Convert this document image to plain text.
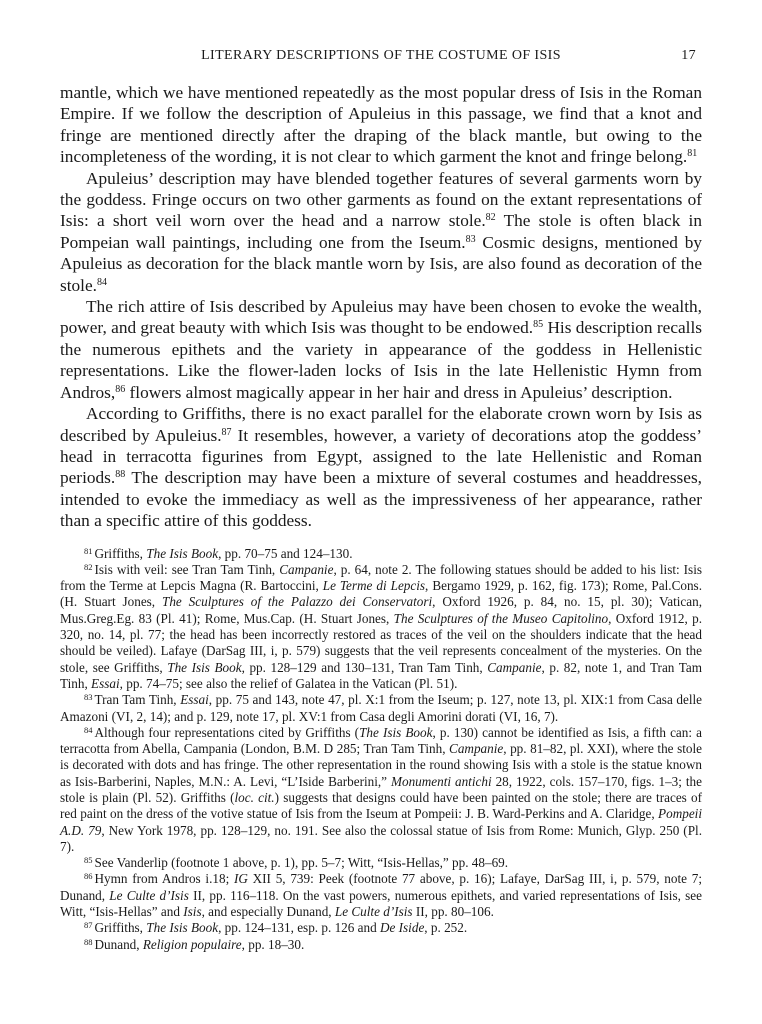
LITERARY DESCRIPTIONS OF THE COSTUME OF ISIS	17

mantle, which we have mentioned repeatedly as the most popular dress of Isis in the Roman Empire. If we follow the description of Apuleius in this passage, we find that a knot and fringe are mentioned directly after the draping of the black mantle, but owing to the incompleteness of the wording, it is not clear to which garment the knot and fringe belong.$^{81}$

Apuleius’ description may have blended together features of several garments worn by the goddess. Fringe occurs on two other garments as found on the extant representations of Isis: a short veil worn over the head and a narrow stole.$^{82}$ The stole is often black in Pompeian wall paintings, including one from the Iseum.$^{83}$ Cosmic designs, mentioned by Apuleius as decoration for the black mantle worn by Isis, are also found as decoration of the stole.$^{84}$

The rich attire of Isis described by Apuleius may have been chosen to evoke the wealth, power, and great beauty with which Isis was thought to be endowed.$^{85}$ His description recalls the numerous epithets and the variety in appearance of the goddess in Hellenistic representations. Like the flower-laden locks of Isis in the late Hellenistic Hymn from Andros,$^{86}$ flowers almost magically appear in her hair and dress in Apuleius’ description.

According to Griffiths, there is no exact parallel for the elaborate crown worn by Isis as described by Apuleius.$^{87}$ It resembles, however, a variety of decorations atop the goddess’ head in terracotta figurines from Egypt, assigned to the late Hellenistic and Roman periods.$^{88}$ The description may have been a mixture of several costumes and headdresses, intended to evoke the immediacy as well as the impressiveness of her appearance, rather than a specific attire of this goddess.

$^{81}$ Griffiths, The Isis Book, pp. 70–75 and 124–130.

$^{82}$ Isis with veil: see Tran Tam Tinh, Campanie, p. 64, note 2. The following statues should be added to his list: Isis from the Terme at Lepcis Magna (R. Bartoccini, Le Terme di Lepcis, Bergamo 1929, p. 162, fig. 173); Rome, Pal.Cons. (H. Stuart Jones, The Sculptures of the Palazzo dei Conservatori, Oxford 1926, p. 84, no. 15, pl. 30); Vatican, Mus.Greg.Eg. 83 (Pl. 41); Rome, Mus.Cap. (H. Stuart Jones, The Sculptures of the Museo Capitolino, Oxford 1912, p. 320, no. 14, pl. 77; the head has been incorrectly restored as traces of the veil on the shoulders indicate that the head should be veiled). Lafaye (DarSag III, i, p. 579) suggests that the veil represents concealment of the mysteries. On the stole, see Griffiths, The Isis Book, pp. 128–129 and 130–131, Tran Tam Tinh, Campanie, p. 82, note 1, and Tran Tam Tinh, Essai, pp. 74–75; see also the relief of Galatea in the Vatican (Pl. 51).

$^{83}$ Tran Tam Tinh, Essai, pp. 75 and 143, note 47, pl. X:1 from the Iseum; p. 127, note 13, pl. XIX:1 from Casa delle Amazoni (VI, 2, 14); and p. 129, note 17, pl. XV:1 from Casa degli Amorini dorati (VI, 16, 7).

$^{84}$ Although four representations cited by Griffiths (The Isis Book, p. 130) cannot be identified as Isis, a fifth can: a terracotta from Abella, Campania (London, B.M. D 285; Tran Tam Tinh, Campanie, pp. 81–82, pl. XXI), where the stole is decorated with dots and has fringe. The other representation in the round showing Isis with a stole is the statue known as Isis-Barberini, Naples, M.N.: A. Levi, “L’Iside Barberini,” Monumenti antichi 28, 1922, cols. 157–170, figs. 1–3; the stole is plain (Pl. 52). Griffiths (loc. cit.) suggests that designs could have been painted on the stole; there are traces of red paint on the dress of the votive statue of Isis from the Iseum at Pompeii: J. B. Ward-Perkins and A. Claridge, Pompeii A.D. 79, New York 1978, pp. 128–129, no. 191. See also the colossal statue of Isis from Rome: Munich, Glyp. 250 (Pl. 7).

$^{85}$ See Vanderlip (footnote 1 above, p. 1), pp. 5–7; Witt, “Isis-Hellas,” pp. 48–69.

$^{86}$ Hymn from Andros i.18; IG XII 5, 739: Peek (footnote 77 above, p. 16); Lafaye, DarSag III, i, p. 579, note 7; Dunand, Le Culte d’Isis II, pp. 116–118. On the vast powers, numerous epithets, and varied representations of Isis, see Witt, “Isis-Hellas” and Isis, and especially Dunand, Le Culte d’Isis II, pp. 80–106.

$^{87}$ Griffiths, The Isis Book, pp. 124–131, esp. p. 126 and De Iside, p. 252.

$^{88}$ Dunand, Religion populaire, pp. 18–30.
